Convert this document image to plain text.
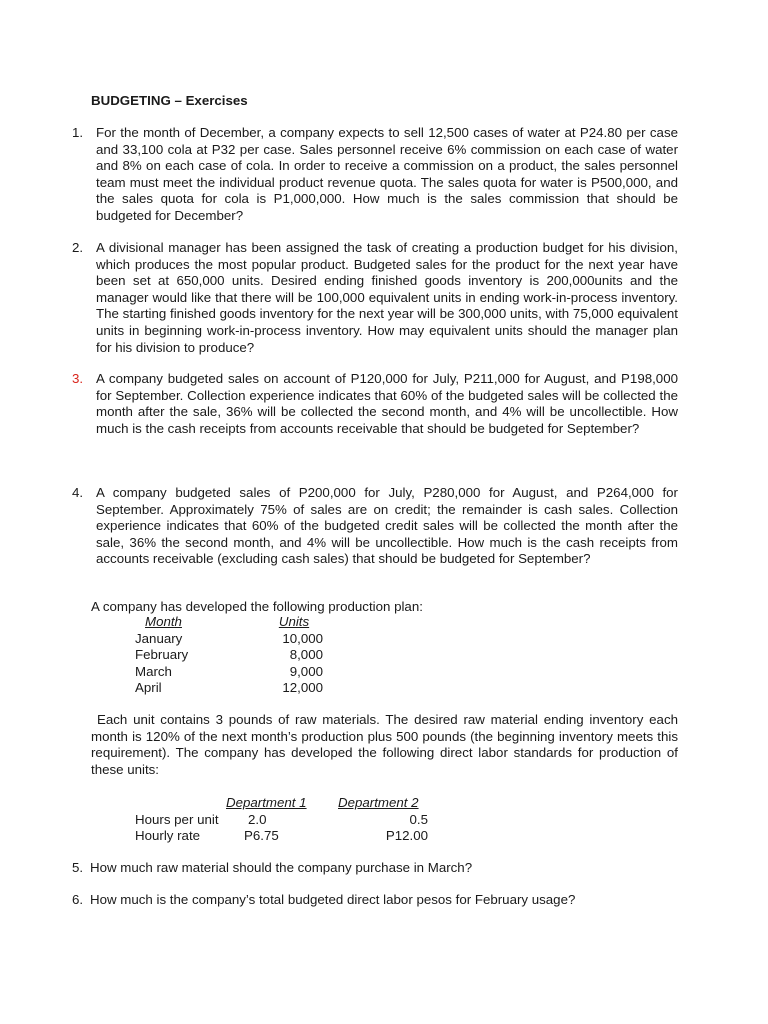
BUDGETING – Exercises
1. For the month of December, a company expects to sell 12,500 cases of water at P24.80 per case and 33,100 cola at P32 per case. Sales personnel receive 6% commission on each case of water and 8% on each case of cola. In order to receive a commission on a product, the sales personnel team must meet the individual product revenue quota. The sales quota for water is P500,000, and the sales quota for cola is P1,000,000. How much is the sales commission that should be budgeted for December?
2. A divisional manager has been assigned the task of creating a production budget for his division, which produces the most popular product. Budgeted sales for the product for the next year have been set at 650,000 units. Desired ending finished goods inventory is 200,000units and the manager would like that there will be 100,000 equivalent units in ending work-in-process inventory. The starting finished goods inventory for the next year will be 300,000 units, with 75,000 equivalent units in beginning work-in-process inventory. How may equivalent units should the manager plan for his division to produce?
3. A company budgeted sales on account of P120,000 for July, P211,000 for August, and P198,000 for September. Collection experience indicates that 60% of the budgeted sales will be collected the month after the sale, 36% will be collected the second month, and 4% will be uncollectible. How much is the cash receipts from accounts receivable that should be budgeted for September?
4. A company budgeted sales of P200,000 for July, P280,000 for August, and P264,000 for September. Approximately 75% of sales are on credit; the remainder is cash sales. Collection experience indicates that 60% of the budgeted credit sales will be collected the month after the sale, 36% the second month, and 4% will be uncollectible. How much is the cash receipts from accounts receivable (excluding cash sales) that should be budgeted for September?
A company has developed the following production plan:
Month	Units
January	10,000
February	8,000
March	9,000
April	12,000
Each unit contains 3 pounds of raw materials. The desired raw material ending inventory each month is 120% of the next month’s production plus 500 pounds (the beginning inventory meets this requirement). The company has developed the following direct labor standards for production of these units:
	Department 1	Department 2
Hours per unit	2.0	0.5
Hourly rate	P6.75	P12.00
5. How much raw material should the company purchase in March?
6. How much is the company’s total budgeted direct labor pesos for February usage?
